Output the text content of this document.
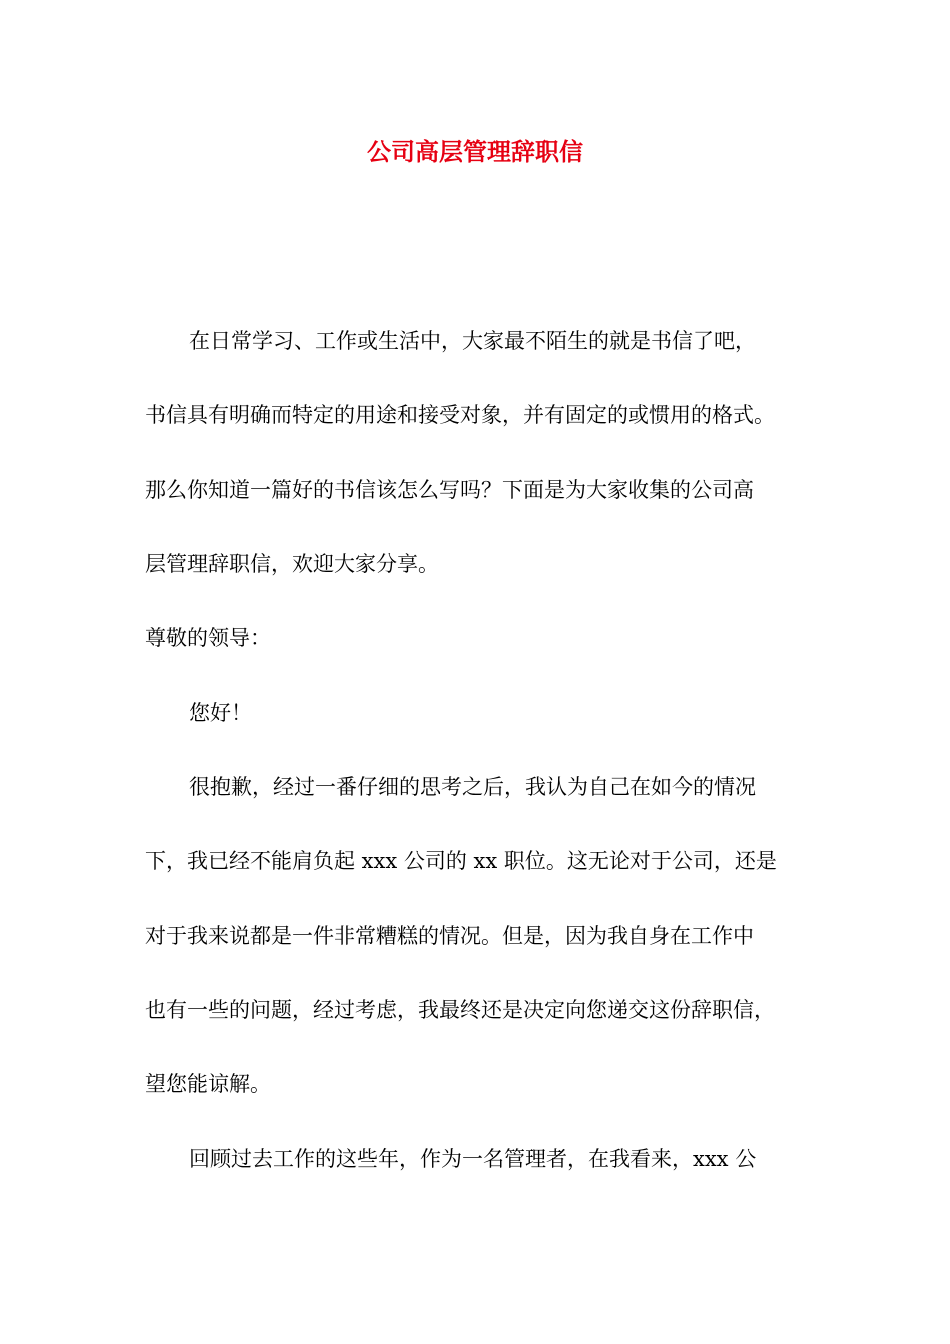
公司高层管理辞职信

在日常学习、工作或生活中，大家最不陌生的就是书信了吧，

书信具有明确而特定的用途和接受对象，并有固定的或惯用的格式。

那么你知道一篇好的书信该怎么写吗？下面是为大家收集的公司高

层管理辞职信，欢迎大家分享。

尊敬的领导：

您好！

很抱歉，经过一番仔细的思考之后，我认为自己在如今的情况

下，我已经不能肩负起 xxx 公司的 xx 职位。这无论对于公司，还是

对于我来说都是一件非常糟糕的情况。但是，因为我自身在工作中

也有一些的问题，经过考虑，我最终还是决定向您递交这份辞职信，

望您能谅解。

回顾过去工作的这些年，作为一名管理者，在我看来，xxx 公
